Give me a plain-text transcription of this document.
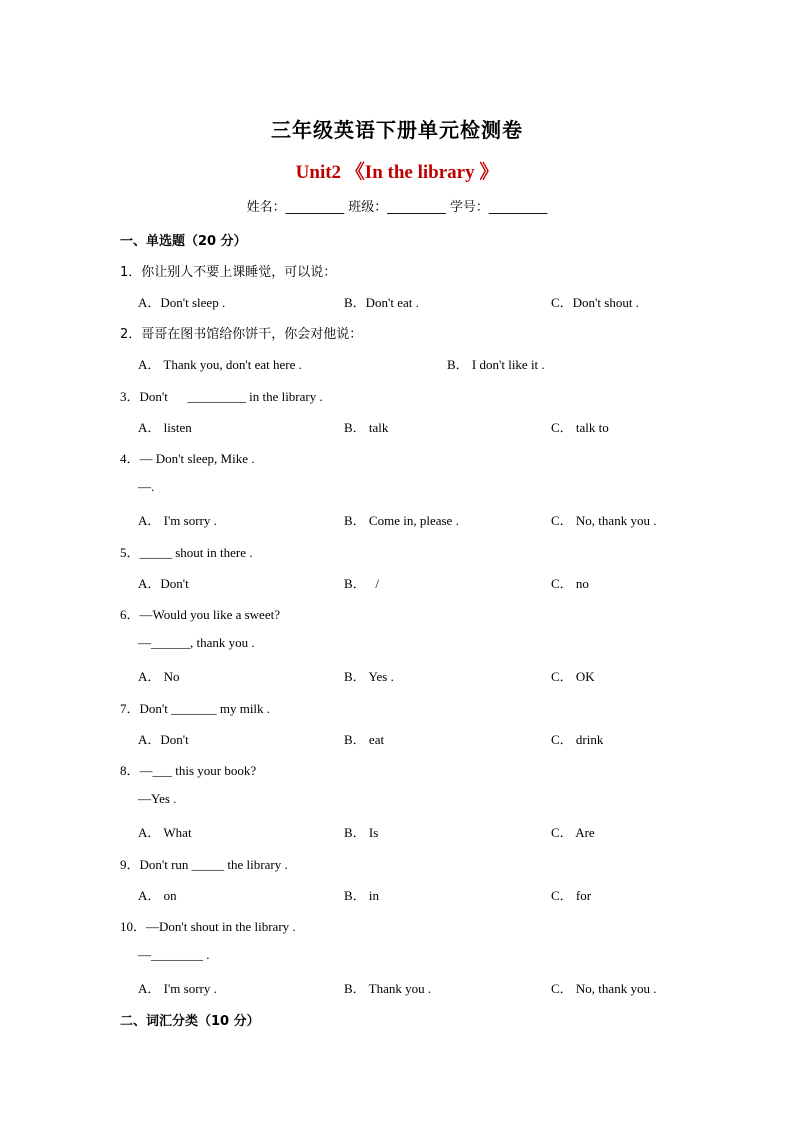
三年级英语下册单元检测卷
Unit2 《In the library 》
姓名：_________ 班级：_________ 学号：_________
一、单选题（20 分）
1．你让别人不要上课睡觉，可以说：
A．Don't sleep .	B．Don't eat .	C．Don't shout .
2．哥哥在图书馆给你饼干，你会对他说：
A． Thank you, don't eat here .	B． I don't like it .
3．Don't      _________ in the library .
A． listen	B． talk	C． talk to
4．— Don't sleep, Mike .
—.
A． I'm sorry .	B． Come in, please .	C． No, thank you .
5．_____ shout in there .
A．Don't	B．   /	C． no
6．—Would you like a sweet?
—______, thank you .
A． No	B． Yes .	C． OK
7．Don't _______ my milk .
A．Don't	B． eat	C． drink
8．—___ this your book?
—Yes .
A． What	B． Is	C． Are
9．Don't run _____ the library .
A． on	B． in	C． for
10．—Don't shout in the library .
—________ .
A． I'm sorry .	B． Thank you .	C． No, thank you .
二、词汇分类（10 分）
